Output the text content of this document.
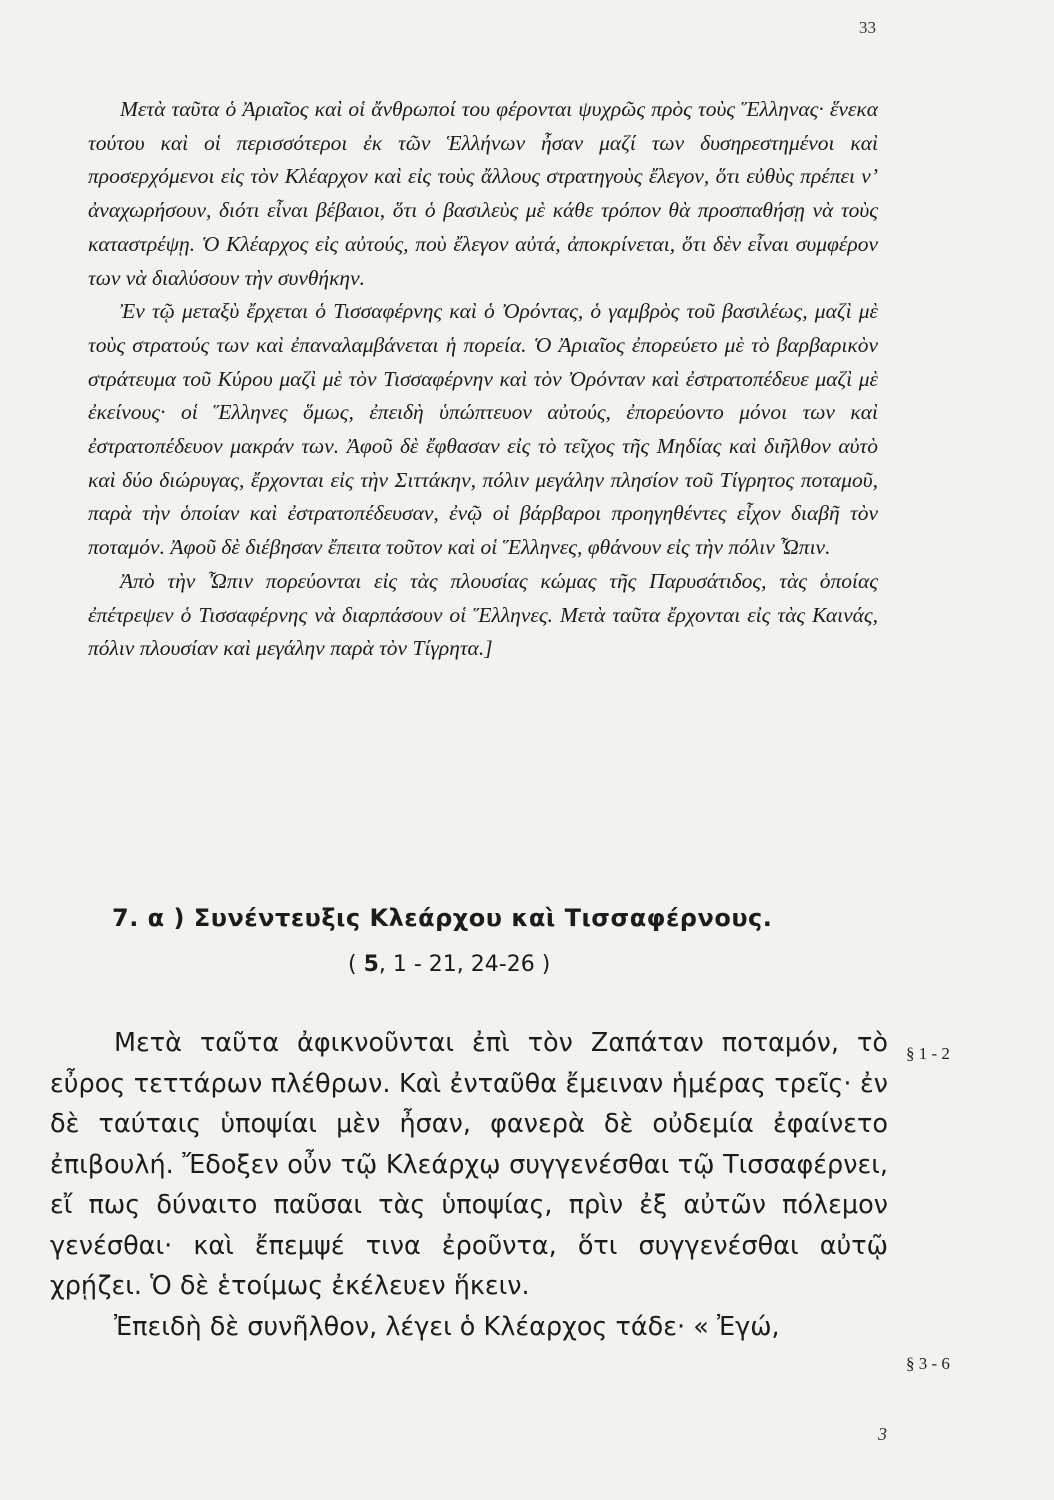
33

Μετὰ ταῦτα ὁ Ἀριαῖος καὶ οἱ ἄνθρωποί του φέρονται ψυχρῶς πρὸς τοὺς Ἕλληνας· ἕνεκα τούτου καὶ οἱ περισσότεροι ἐκ τῶν Ἑλλήνων ἦσαν μαζί των δυσηρεστημένοι καὶ προσερχόμενοι εἰς τὸν Κλέαρχον καὶ εἰς τοὺς ἄλλους στρατηγοὺς ἔλεγον, ὅτι εὐθὺς πρέπει ν’ ἀναχωρήσουν, διότι εἶναι βέβαιοι, ὅτι ὁ βασιλεὺς μὲ κάθε τρόπον θὰ προσπαθήσῃ νὰ τοὺς καταστρέψῃ. Ὁ Κλέαρχος εἰς αὐτούς, ποὺ ἔλεγον αὐτά, ἀποκρίνεται, ὅτι δὲν εἶναι συμφέρον των νὰ διαλύσουν τὴν συνθήκην.

Ἐν τῷ μεταξὺ ἔρχεται ὁ Τισσαφέρνης καὶ ὁ Ὀρόντας, ὁ γαμβρὸς τοῦ βασιλέως, μαζὶ μὲ τοὺς στρατούς των καὶ ἐπαναλαμβάνεται ἡ πορεία. Ὁ Ἀριαῖος ἐπορεύετο μὲ τὸ βαρβαρικὸν στράτευμα τοῦ Κύρου μαζὶ μὲ τὸν Τισσαφέρνην καὶ τὸν Ὀρόνταν καὶ ἐστρατοπέδευε μαζὶ μὲ ἐκείνους· οἱ Ἕλληνες ὅμως, ἐπειδὴ ὑπώπτευον αὐτούς, ἐπορεύοντο μόνοι των καὶ ἐστρατοπέδευον μακράν των. Ἀφοῦ δὲ ἔφθασαν εἰς τὸ τεῖχος τῆς Μηδίας καὶ διῆλθον αὐτὸ καὶ δύο διώρυγας, ἔρχονται εἰς τὴν Σιττάκην, πόλιν μεγάλην πλησίον τοῦ Τίγρητος ποταμοῦ, παρὰ τὴν ὁποίαν καὶ ἐστρατοπέδευσαν, ἐνῷ οἱ βάρβαροι προηγηθέντες εἶχον διαβῆ τὸν ποταμόν. Ἀφοῦ δὲ διέβησαν ἔπειτα τοῦτον καὶ οἱ Ἕλληνες, φθάνουν εἰς τὴν πόλιν Ὦπιν.

Ἀπὸ τὴν Ὦπιν πορεύονται εἰς τὰς πλουσίας κώμας τῆς Παρυσάτιδος, τὰς ὁποίας ἐπέτρεψεν ὁ Τισσαφέρνης νὰ διαρπάσουν οἱ Ἕλληνες. Μετὰ ταῦτα ἔρχονται εἰς τὰς Καινάς, πόλιν πλουσίαν καὶ μεγάλην παρὰ τὸν Τίγρητα.]

7. α ) Συνέντευξις Κλεάρχου καὶ Τισσαφέρνους.
( 5, 1 - 21, 24-26 )

Μετὰ ταῦτα ἀφικνοῦνται ἐπὶ τὸν Ζαπάταν ποταμόν, τὸ εὖρος τεττάρων πλέθρων. Καὶ ἐνταῦθα ἔμειναν ἡμέρας τρεῖς· ἐν δὲ ταύταις ὑποψίαι μὲν ἦσαν, φανερὰ δὲ οὐδεμία ἐφαίνετο ἐπιβουλή. Ἔδοξεν οὖν τῷ Κλεάρχῳ συγγενέσθαι τῷ Τισσαφέρνει, εἴ πως δύναιτο παῦσαι τὰς ὑποψίας, πρὶν ἐξ αὐτῶν πόλεμον γενέσθαι· καὶ ἔπεμψέ τινα ἐροῦντα, ὅτι συγγενέσθαι αὐτῷ χρῄζει. Ὁ δὲ ἑτοίμως ἐκέλευεν ἥκειν.

Ἐπειδὴ δὲ συνῆλθον, λέγει ὁ Κλέαρχος τάδε· « Ἐγώ,

§ 1 - 2
§ 3 - 6
3
